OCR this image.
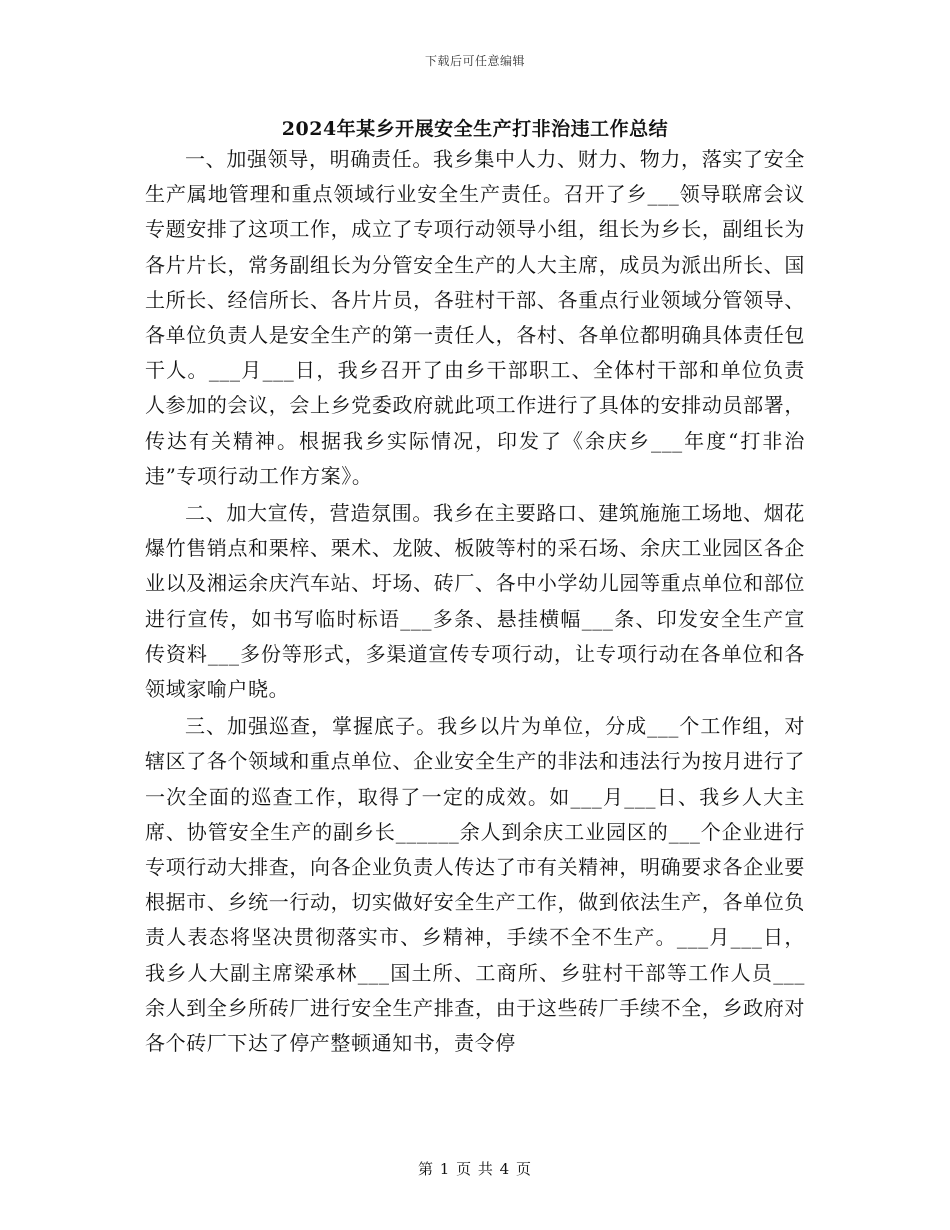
下载后可任意编辑
2024年某乡开展安全生产打非治违工作总结

一、加强领导，明确责任。我乡集中人力、财力、物力，落实了安全生产属地管理和重点领域行业安全生产责任。召开了乡___领导联席会议专题安排了这项工作，成立了专项行动领导小组，组长为乡长，副组长为各片片长，常务副组长为分管安全生产的人大主席，成员为派出所长、国土所长、经信所长、各片片员，各驻村干部、各重点行业领域分管领导、各单位负责人是安全生产的第一责任人，各村、各单位都明确具体责任包干人。___月___日，我乡召开了由乡干部职工、全体村干部和单位负责人参加的会议，会上乡党委政府就此项工作进行了具体的安排动员部署，传达有关精神。根据我乡实际情况，印发了《余庆乡___年度“打非治违”专项行动工作方案》。

二、加大宣传，营造氛围。我乡在主要路口、建筑施施工场地、烟花爆竹售销点和栗梓、栗术、龙陂、板陂等村的采石场、余庆工业园区各企业以及湘运余庆汽车站、圩场、砖厂、各中小学幼儿园等重点单位和部位进行宣传，如书写临时标语___多条、悬挂横幅___条、印发安全生产宣传资料___多份等形式，多渠道宣传专项行动，让专项行动在各单位和各领域家喻户晓。

三、加强巡查，掌握底子。我乡以片为单位，分成___个工作组，对辖区了各个领域和重点单位、企业安全生产的非法和违法行为按月进行了一次全面的巡查工作，取得了一定的成效。如___月___日、我乡人大主席、协管安全生产的副乡长______余人到余庆工业园区的___个企业进行专项行动大排查，向各企业负责人传达了市有关精神，明确要求各企业要根据市、乡统一行动，切实做好安全生产工作，做到依法生产，各单位负责人表态将坚决贯彻落实市、乡精神，手续不全不生产。___月___日，我乡人大副主席梁承林___国土所、工商所、乡驻村干部等工作人员___余人到全乡所砖厂进行安全生产排查，由于这些砖厂手续不全，乡政府对各个砖厂下达了停产整顿通知书，责令停

第 1 页 共 4 页
